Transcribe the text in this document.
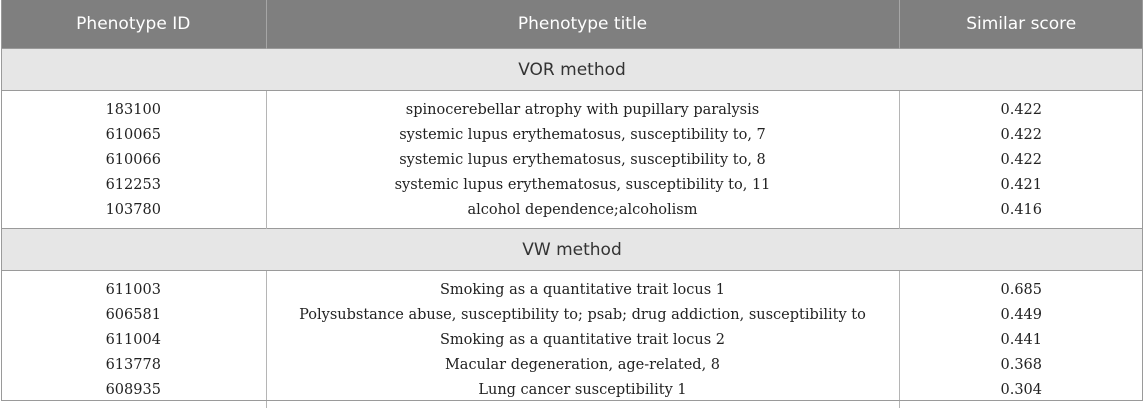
Phenotype ID	Phenotype title	Similar score
VOR method		
183100	spinocerebellar atrophy with pupillary paralysis	0.422
610065	systemic lupus erythematosus, susceptibility to, 7	0.422
610066	systemic lupus erythematosus, susceptibility to, 8	0.422
612253	systemic lupus erythematosus, susceptibility to, 11	0.421
103780	alcohol dependence;alcoholism	0.416
VW method		
611003	Smoking as a quantitative trait locus 1	0.685
606581	Polysubstance abuse, susceptibility to; psab; drug addiction, susceptibility to	0.449
611004	Smoking as a quantitative trait locus 2	0.441
613778	Macular degeneration, age-related, 8	0.368
608935	Lung cancer susceptibility 1	0.304
